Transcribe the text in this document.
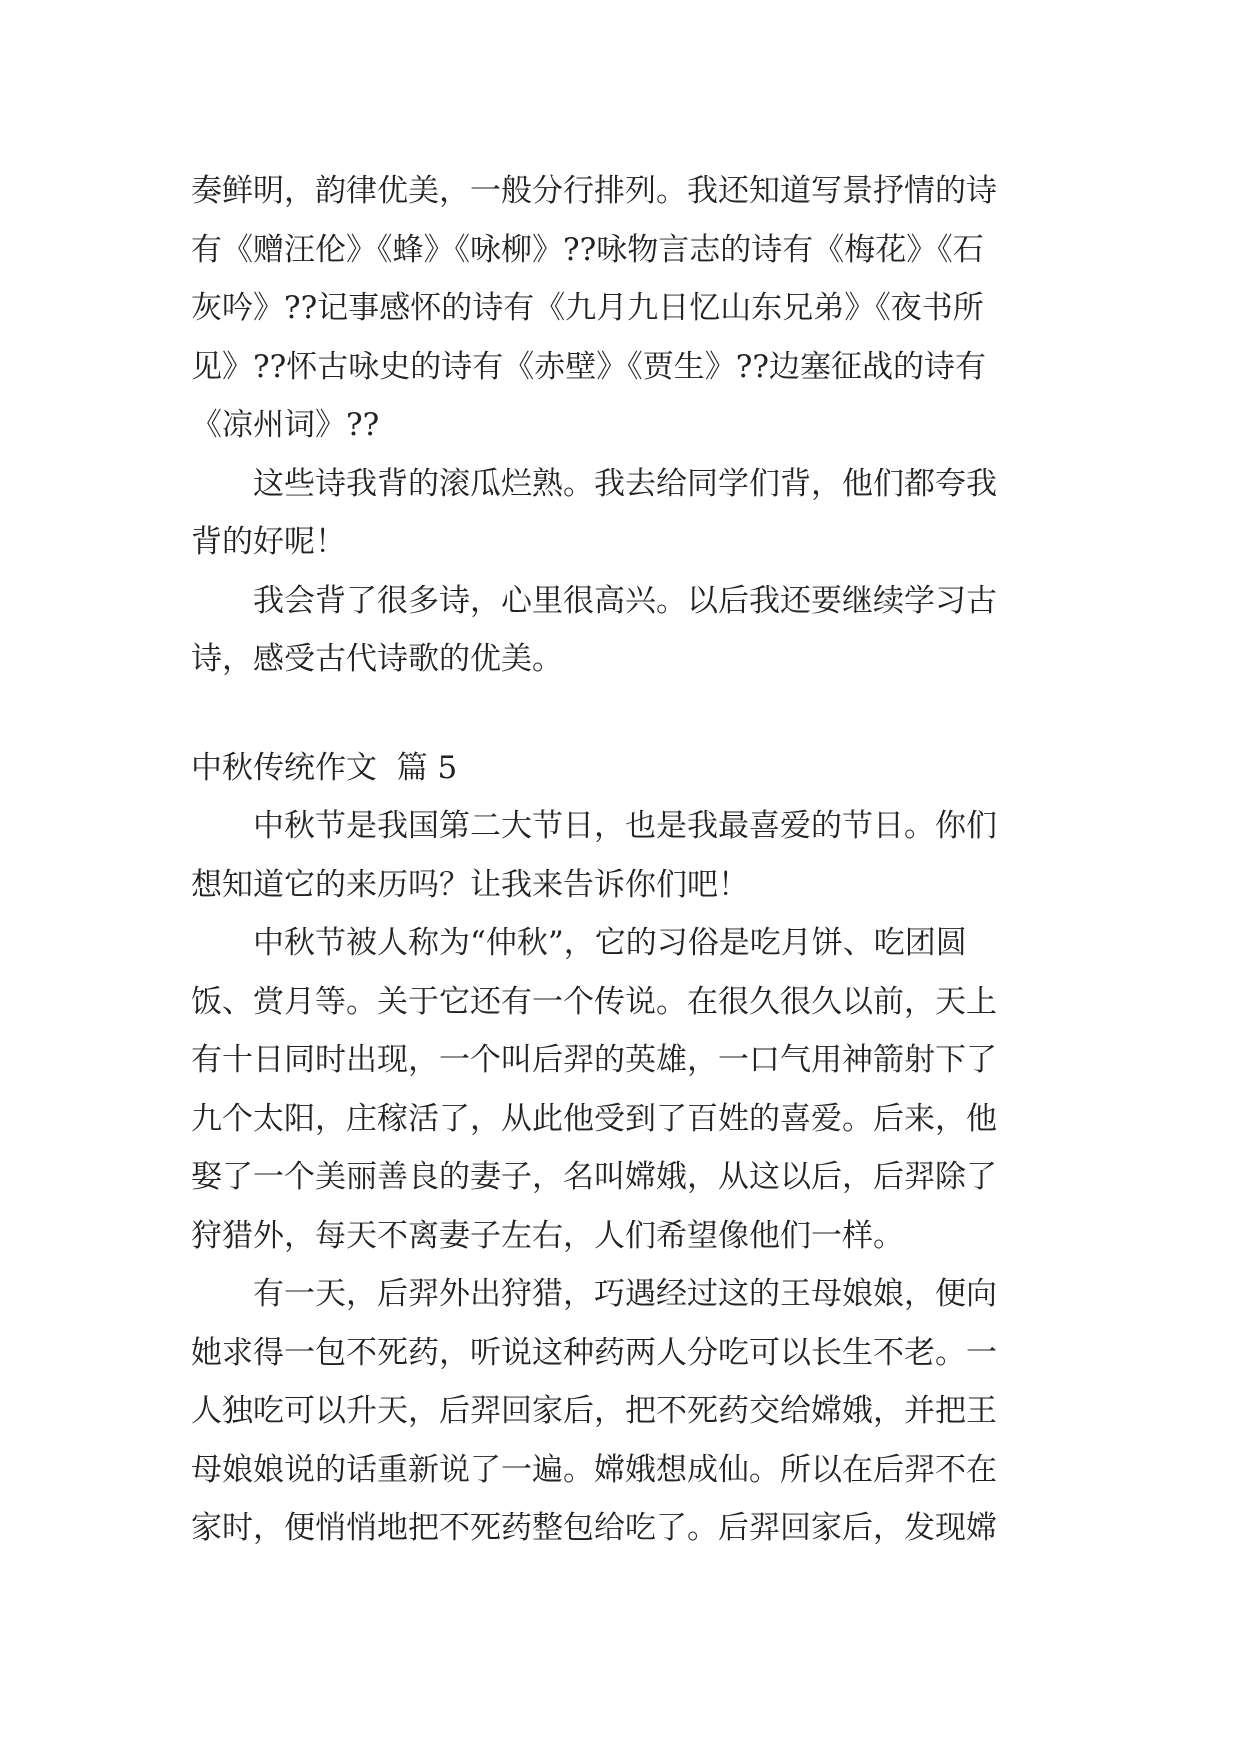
奏鲜明，韵律优美，一般分行排列。我还知道写景抒情的诗
有《赠汪伦》《蜂》《咏柳》??咏物言志的诗有《梅花》《石
灰吟》??记事感怀的诗有《九月九日忆山东兄弟》《夜书所
见》??怀古咏史的诗有《赤壁》《贾生》??边塞征战的诗有
《凉州词》??
　　这些诗我背的滚瓜烂熟。我去给同学们背，他们都夸我
背的好呢！
　　我会背了很多诗，心里很高兴。以后我还要继续学习古
诗，感受古代诗歌的优美。
中秋传统作文  篇 5
　　中秋节是我国第二大节日，也是我最喜爱的节日。你们
想知道它的来历吗？让我来告诉你们吧！
　　中秋节被人称为“仲秋”，它的习俗是吃月饼、吃团圆
饭、赏月等。关于它还有一个传说。在很久很久以前，天上
有十日同时出现，一个叫后羿的英雄，一口气用神箭射下了
九个太阳，庄稼活了，从此他受到了百姓的喜爱。后来，他
娶了一个美丽善良的妻子，名叫嫦娥，从这以后，后羿除了
狩猎外，每天不离妻子左右，人们希望像他们一样。
　　有一天，后羿外出狩猎，巧遇经过这的王母娘娘，便向
她求得一包不死药，听说这种药两人分吃可以长生不老。一
人独吃可以升天，后羿回家后，把不死药交给嫦娥，并把王
母娘娘说的话重新说了一遍。嫦娥想成仙。所以在后羿不在
家时，便悄悄地把不死药整包给吃了。后羿回家后，发现嫦
